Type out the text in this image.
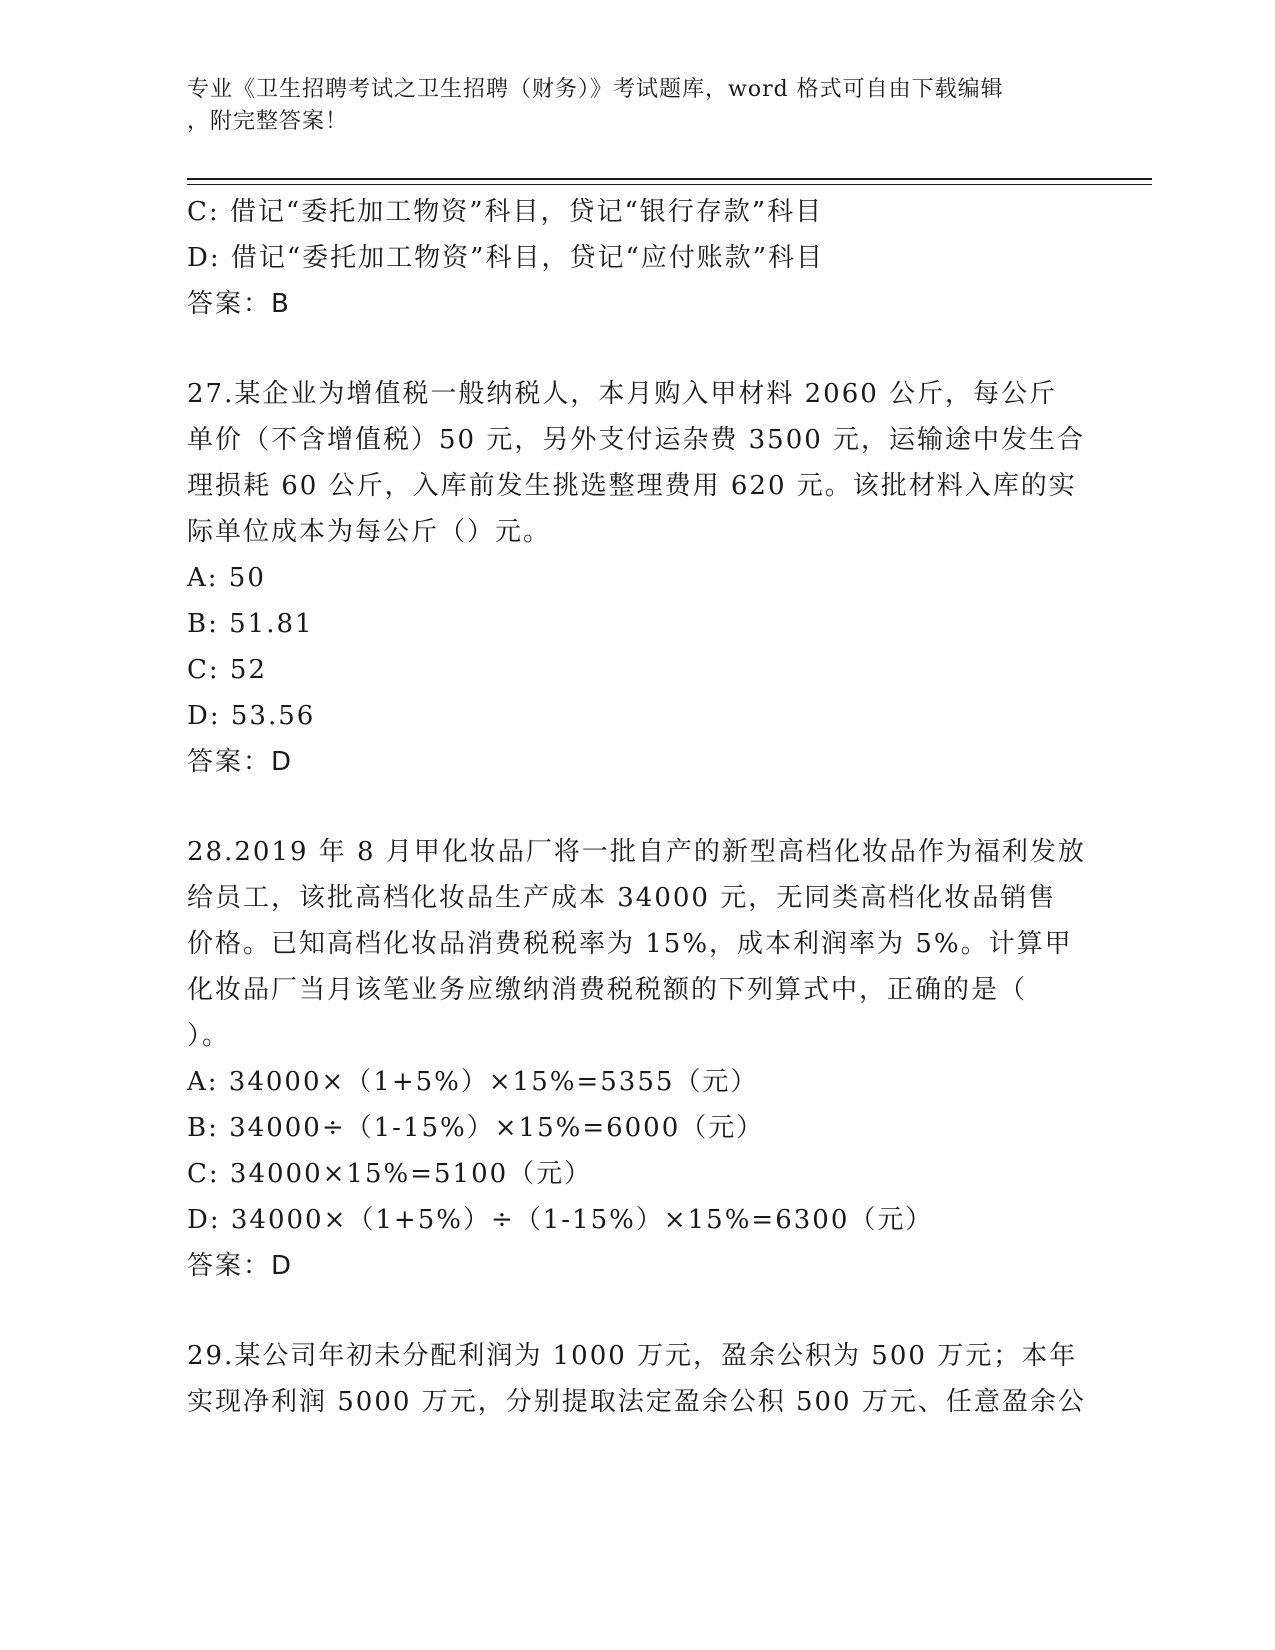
专业《卫生招聘考试之卫生招聘（财务）》考试题库，word 格式可自由下载编辑
，附完整答案！
C: 借记“委托加工物资”科目，贷记“银行存款”科目
D: 借记“委托加工物资”科目，贷记“应付账款”科目
答案：B
27.某企业为增值税一般纳税人，本月购入甲材料 2060 公斤，每公斤
单价（不含增值税）50 元，另外支付运杂费 3500 元，运输途中发生合
理损耗 60 公斤，入库前发生挑选整理费用 620 元。该批材料入库的实
际单位成本为每公斤（）元。
A: 50
B: 51.81
C: 52
D: 53.56
答案：D
28.2019 年 8 月甲化妆品厂将一批自产的新型高档化妆品作为福利发放
给员工，该批高档化妆品生产成本 34000 元，无同类高档化妆品销售
价格。已知高档化妆品消费税税率为 15%，成本利润率为 5%。计算甲
化妆品厂当月该笔业务应缴纳消费税税额的下列算式中，正确的是（
）。
A: 34000×（1+5%）×15%=5355（元）
B: 34000÷（1-15%）×15%=6000（元）
C: 34000×15%=5100（元）
D: 34000×（1+5%）÷（1-15%）×15%=6300（元）
答案：D
29.某公司年初未分配利润为 1000 万元，盈余公积为 500 万元；本年
实现净利润 5000 万元，分别提取法定盈余公积 500 万元、任意盈余公
